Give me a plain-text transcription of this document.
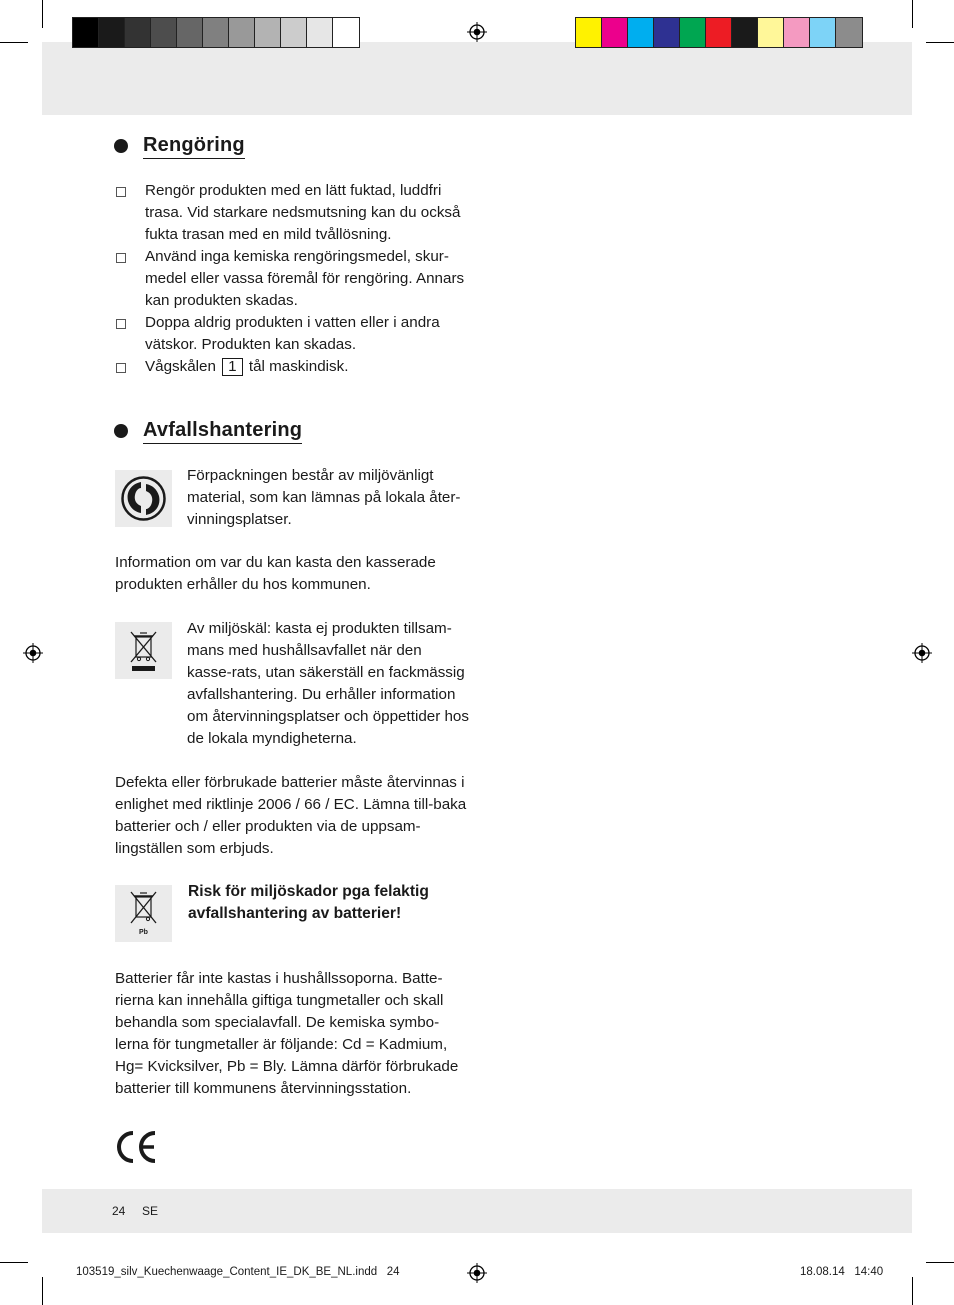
Rengöring
Rengör produkten med en lätt fuktad, luddfri trasa. Vid starkare nedsmutsning kan du också fukta trasan med en mild tvållösning.
Använd inga kemiska rengöringsmedel, skur-medel eller vassa föremål för rengöring. Annars kan produkten skadas.
Doppa aldrig produkten i vatten eller i andra vätskor. Produkten kan skadas.
Vågskålen 1 tål maskindisk.
Avfallshantering

Förpackningen består av miljövänligt material, som kan lämnas på lokala åter-vinningsplatser.

Information om var du kan kasta den kasserade produkten erhåller du hos kommunen.

Av miljöskäl: kasta ej produkten tillsam-mans med hushållsavfallet när den kasse-rats, utan säkerställ en fackmässig avfallshantering. Du erhåller information om återvinningsplatser och öppettider hos de lokala myndigheterna.

Defekta eller förbrukade batterier måste återvinnas i enlighet med riktlinje 2006 / 66 / EC. Lämna till-baka batterier och / eller produkten via de uppsam-lingställen som erbjuds.

Pb
Risk för miljöskador pga felaktig avfallshantering av batterier!

Batterier får inte kastas i hushållssoporna. Batte-rierna kan innehålla giftiga tungmetaller och skall behandla som specialavfall. De kemiska symbo-lerna för tungmetaller är följande: Cd = Kadmium, Hg= Kvicksilver, Pb = Bly. Lämna därför förbrukade batterier till kommunens återvinningsstation.

24 SE
103519_silv_Kuechenwaage_Content_IE_DK_BE_NL.indd   24	18.08.14   14:40
